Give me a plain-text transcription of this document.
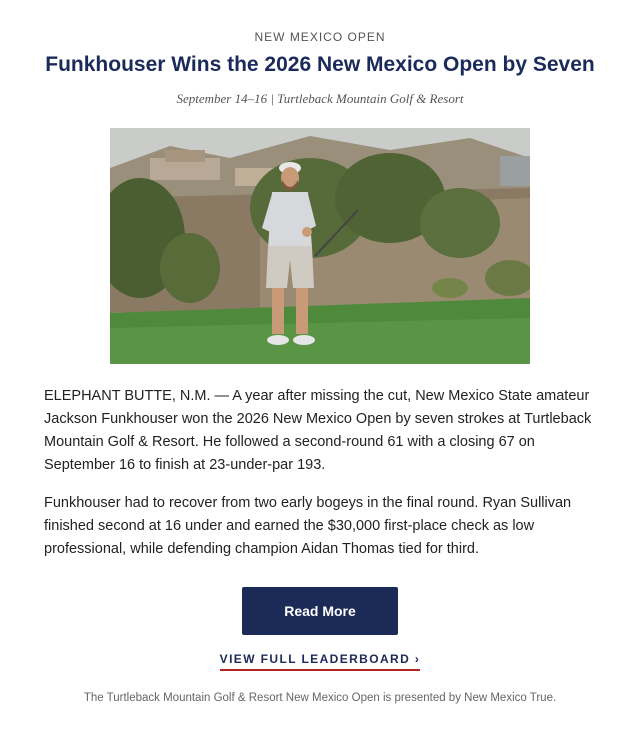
NEW MEXICO OPEN
Funkhouser Wins the 2026 New Mexico Open by Seven
September 14–16 | Turtleback Mountain Golf & Resort

ELEPHANT BUTTE, N.M. — A year after missing the cut, New Mexico State amateur Jackson Funkhouser won the 2026 New Mexico Open by seven strokes at Turtleback Mountain Golf & Resort. He followed a second-round 61 with a closing 67 on September 16 to finish at 23-under-par 193.

Funkhouser had to recover from two early bogeys in the final round. Ryan Sullivan finished second at 16 under and earned the $30,000 first-place check as low professional, while defending champion Aidan Thomas tied for third.

Read More
VIEW FULL LEADERBOARD ›
The Turtleback Mountain Golf & Resort New Mexico Open is presented by New Mexico True.
